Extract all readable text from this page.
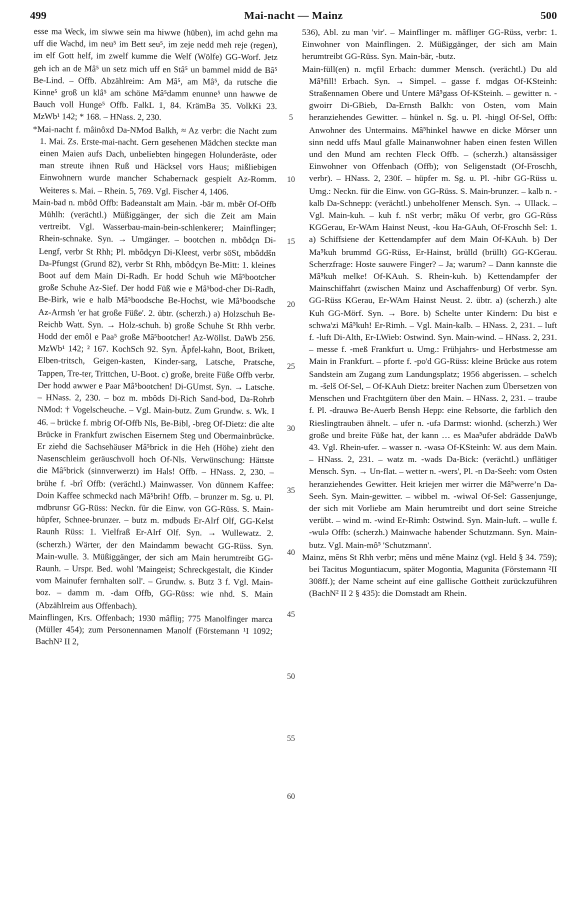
499	Mai-nacht — Mainz	500

esse ma Weck, im siwwe sein ma hiwwe (hüben), im achd gehn ma uff die Wachd, im neu⁵ im Bett seu⁵, im zeje nedd meh reje (regen), im elf Gott helf, im zwelf kumme die Welf (Wölfe) GG-Worf. Jetz geh ich an de Mâ⁵ un setz mich uff en Stâ⁵ un bammel midd de Bâ⁵ Be-Lind. – Offb. Abzählreim: Am Mâ⁵, am Mâ⁵, da rutsche die Kinne⁵ groß un klâ⁵ am schöne Mâ⁵damm enunne⁵ unn hawwe de Bauch voll Hunge⁵ Offb. FalkL 1, 84. KrämBa 35. VolkKi 23. MzWb¹ 142; * 168. – HNass. 2, 230.

*Mai-nacht f. mâinôxd Da-NMod Balkh, ≈ Az verbr: die Nacht zum 1. Mai. Zs. Erste-mai-nacht. Gern gesehenen Mädchen steckte man einen Maien aufs Dach, unbeliebten hingegen Holunderäste, oder man streute ihnen Ruß und Häcksel vors Haus; mißliebigen Einwohnern wurde mancher Schabernack gespielt Az-Romm. Weiteres s. Mai. – Rhein. 5, 769. Vgl. Fischer 4, 1406.

Main-bad n. mbôd Offb: Badeanstalt am Main. -bär m. mbêr Of-Offb Mühlh: (verächtl.) Müßiggänger, der sich die Zeit am Main vertreibt. Vgl. Wasserbau-main-bein-schlenkerer; Mainflinger; Rhein-schnake. Syn. → Umgänger. – bootchen n. mbôdçn Di-Lengf, verbr St Rhh; Pl. mbôdçyn Di-Kleest, verbr söSt, mbôddšn Da-Pfungst (Grund 82), verbr St Rhh, mbôdçyn Be-Mitt: 1. kleines Boot auf dem Main Di-Radh. Er hodd Schuh wie Mâ⁵bootcher große Schuhe Az-Sief. Der hodd Füß wie e Mâ⁵bod-cher Di-Radh, Be-Birk, wie e halb Mâ⁵boodsche Be-Hochst, wie Mâ⁵boodsche Az-Armsh 'er hat große Füße'. 2. übtr. (scherzh.) a) Holzschuh Be-Reichb Watt. Syn. → Holz-schuh. b) große Schuhe St Rhh verbr. Hodd der emôl e Paa⁵ große Mâ⁵bootcher! Az-Wöllst. DaWb 256. MzWb¹ 142; ² 167. KochSch 92. Syn. Äpfel-kahn, Boot, Brikett, Elben-tritsch, Geigen-kasten, Kinder-sarg, Latsche, Pratsche, Tappen, Tre-ter, Trittchen, U-Boot. c) große, breite Füße Offb verbr. Der hodd awwer e Paar Mâ⁵bootchen! Di-GUmst. Syn. → Latsche. – HNass. 2, 230. – boz m. mbôds Di-Rich Sand-bod, Da-Rohrb NMod: † Vogelscheuche. – Vgl. Main-butz. Zum Grundw. s. Wk. I 46. – brücke f. mbrig Of-Offb Nls, Be-Bibl, -breg Of-Dietz: die alte Brücke in Frankfurt zwischen Eisernem Steg und Obermainbrücke. Er ziehd die Sachsehäuser Mâ⁵brick in die Heh (Höhe) zieht den Nasenschleim geräuschvoll hoch Of-Nls. Verwünschung: Hättste die Mâ⁵brick (sinnverwerzt) im Hals! Offb. – HNass. 2, 230. – brühe f. -brî Offb: (verächtl.) Mainwasser. Von dünnem Kaffee: Doin Kaffee schmeckd nach Mâ⁵brih! Offb. – brunzer m. Sg. u. Pl. mdbrunsr GG-Rüss: Neckn. für die Einw. von GG-Rüss. S. Main-hüpfer, Schnee-brunzer. – butz m. mdbuds Er-Alrf Olf, GG-Kelst Raunh Rüss: 1. Vielfraß Er-Alrf Olf. Syn. → Wullewatz. 2. (scherzh.) Wärter, der den Maindamm bewacht GG-Rüss. Syn. Main-wulle. 3. Müßiggänger, der sich am Main herumtreibt GG-Raunh. – Urspr. Bed. wohl 'Maingeist; Schreckgestalt, die Kinder vom Mainufer fernhalten soll'. – Grundw. s. Butz 3 f. Vgl. Main-boz. – damm m. -dam Offb, GG-Rüss: wie nhd. S. Main (Abzählreim aus Offenbach).

Mainflingen, Krs. Offenbach; 1930 mâfliŋ; 775 Manolfinger marca (Müller 454); zum Personennamen Manolf (Förstemann ¹I 1092; BachN² II 2,

5
10
15
20
25
30
35
40
45
50
55
60

536), Abl. zu man 'vir'. – Mainflinger m. mâfliŋer GG-Rüss, verbr: 1. Einwohner von Mainflingen. 2. Müßiggänger, der sich am Main herumtreibt GG-Rüss. Syn. Main-bär, -butz.

Main-füll(en) n. mçfil Erbach: dummer Mensch. (verächtl.) Du ald Mâ⁵fill! Erbach. Syn. → Simpel. – gasse f. mdgas Of-KSteinh: Straßennamen Obere und Untere Mâ⁵gass Of-KSteinh. – gewitter n. -gwoirr Di-GBieb, Da-Ernsth Balkh: von Osten, vom Main heranziehendes Gewitter. – hünkel n. Sg. u. Pl. -hiŋgl Of-Sel, Offb: Anwohner des Untermains. Mâ⁵hinkel hawwe en dicke Mörser unn sinn nedd uffs Maul gfalle Mainanwohner haben einen festen Willen und den Mund am rechten Fleck Offb. – (scherzh.) altansässiger Einwohner von Offenbach (Offb); von Seligenstadt (Of-Froschh, verbr). – HNass. 2, 230f. – hüpfer m. Sg. u. Pl. -hibr GG-Rüss u. Umg.: Neckn. für die Einw. von GG-Rüss. S. Main-brunzer. – kalb n. -kalb Da-Schnepp: (verächtl.) unbeholfener Mensch. Syn. → Ullack. – Vgl. Main-kuh. – kuh f. nSt verbr; mâku Of verbr, gro GG-Rüss KGGerau, Er-WAm Hainst Neust, -kou Ha-GAuh, Of-Froschh Sel: 1. a) Schiffsiene der Kettendampfer auf dem Main Of-KAuh. b) Der Ma⁵kuh brummd GG-Rüss, Er-Hainst, brülld (brüllt) GG-KGerau. Scherzfrage: Hoste sauwere Finger? – Ja; warum? – Dann kannste die Mâ⁵kuh melke! Of-KAuh. S. Rhein-kuh. b) Kettendampfer der Mainschiffahrt (zwischen Mainz und Aschaffenburg) Of verbr. Syn. GG-Rüss KGerau, Er-WAm Hainst Neust. 2. übtr. a) (scherzh.) alte Kuh GG-Mörf. Syn. → Bore. b) Schelte unter Kindern: Du bist e schwa'zi Mâ⁵kuh! Er-Rimh. – Vgl. Main-kalb. – HNass. 2, 231. – luft f. -luft Di-Alth, Er-LWieb: Ostwind. Syn. Main-wind. – HNass. 2, 231. – messe f. -meß Frankfurt u. Umg.: Frühjahrs- und Herbstmesse am Main in Frankfurt. – pforte f. -po'd GG-Rüss: kleine Brücke aus rotem Sandstein am Zugang zum Landungsplatz; 1956 abgerissen. – schelch m. -šelš Of-Sel, – Of-KAuh Dietz: breiter Nachen zum Übersetzen von Menschen und Frachtgütern über den Main. – HNass. 2, 231. – traube f. Pl. -drauwə Be-Auerb Bensh Hepp: eine Rebsorte, die farblich den Rieslingtrauben ähnelt. – ufer n. -ufə Darmst: wionhd. (scherzh.) Wer große und breite Füße hat, der kann … es Maa⁵ufer abdrädde DaWb 43. Vgl. Rhein-ufer. – wasser n. -wasə Of-KSteinh: W. aus dem Main. – HNass. 2, 231. – watz m. -wads Da-Bick: (verächtl.) unflätiger Mensch. Syn. → Un-flat. – wetter n. -wers', Pl. -n Da-Seeh: vom Osten heranziehendes Gewitter. Heit kriejen mer wirrer die Mâ⁵werre’n Da-Seeh. Syn. Main-gewitter. – wibbel m. -wiwəl Of-Sel: Gassenjunge, der sich mit Vorliebe am Main herumtreibt und dort seine Streiche verübt. – wind m. -wind Er-Rimh: Ostwind. Syn. Main-luft. – wulle f. -wulə Offb: (scherzh.) Mainwache habender Schutzmann. Syn. Main-butz. Vgl. Main-mô⁵ 'Schutzmann'.

Mainz, mēns St Rhh verbr; mēns und mēne Mainz (vgl. Held § 34. 759); bei Tacitus Moguntiacum, später Mogontia, Magunita (Förstemann ²II 308ff.); der Name scheint auf eine gallische Gottheit zurückzuführen (BachN² II 2 § 435): die Domstadt am Rhein.
